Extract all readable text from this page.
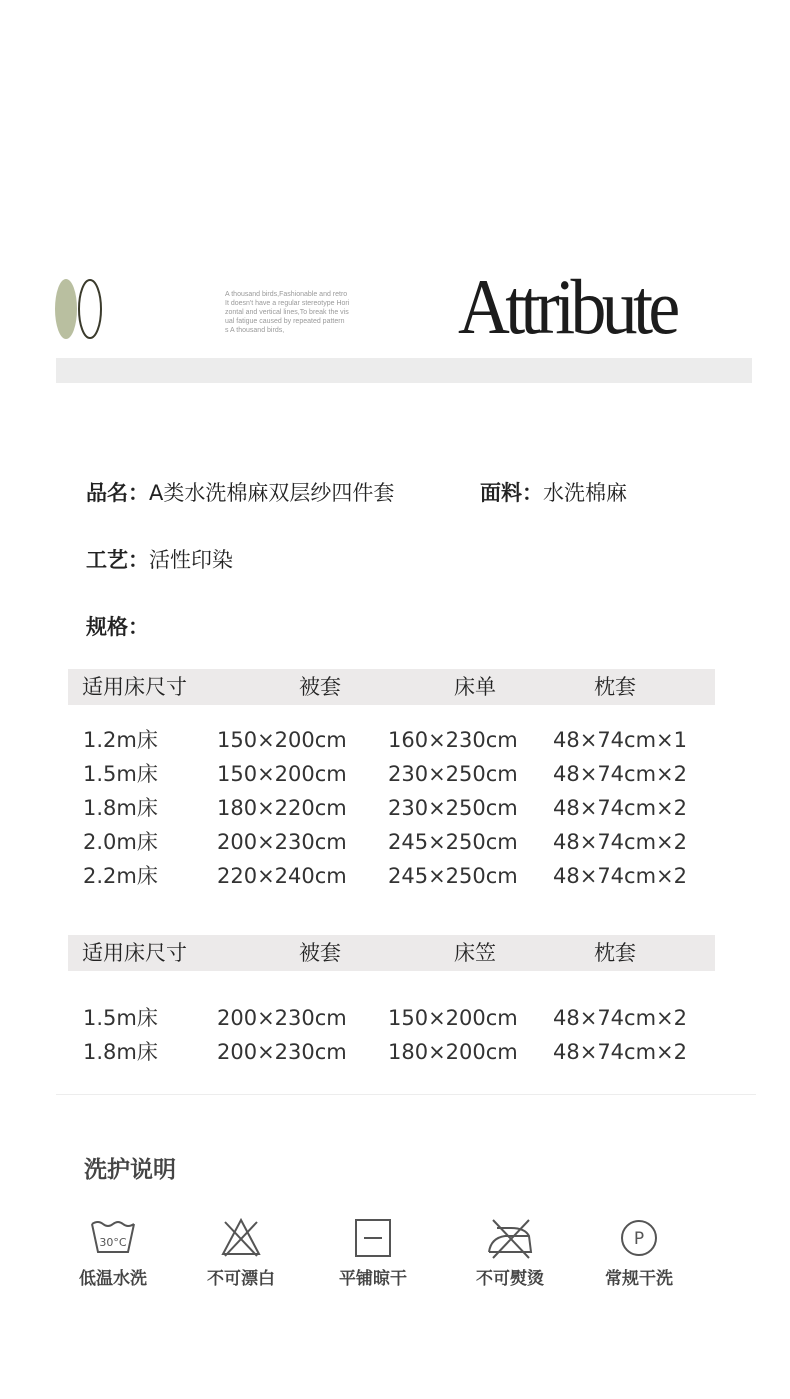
A thousand birds,Fashionable and retro
It doesn't have a regular stereotype Hori
zontal and vertical lines,To break the vis
ual fatigue caused by repeated pattern
s A thousand birds,	Attribute
品名：A类水洗棉麻双层纱四件套	面料：水洗棉麻
工艺：活性印染
规格：
适用床尺寸	被套	床单	枕套
1.2m床	150×200cm 160×230cm 48×74cm×1
1.5m床	150×200cm 230×250cm 48×74cm×2
1.8m床	180×220cm 230×250cm 48×74cm×2
2.0m床	200×230cm 245×250cm 48×74cm×2
2.2m床	220×240cm 245×250cm 48×74cm×2
适用床尺寸	被套	床笠	枕套
1.5m床	200×230cm 150×200cm 48×74cm×2
1.8m床	200×230cm 180×200cm 48×74cm×2
洗护说明
30°C
低温水洗	不可漂白	平铺晾干	不可熨烫
P
常规干洗
